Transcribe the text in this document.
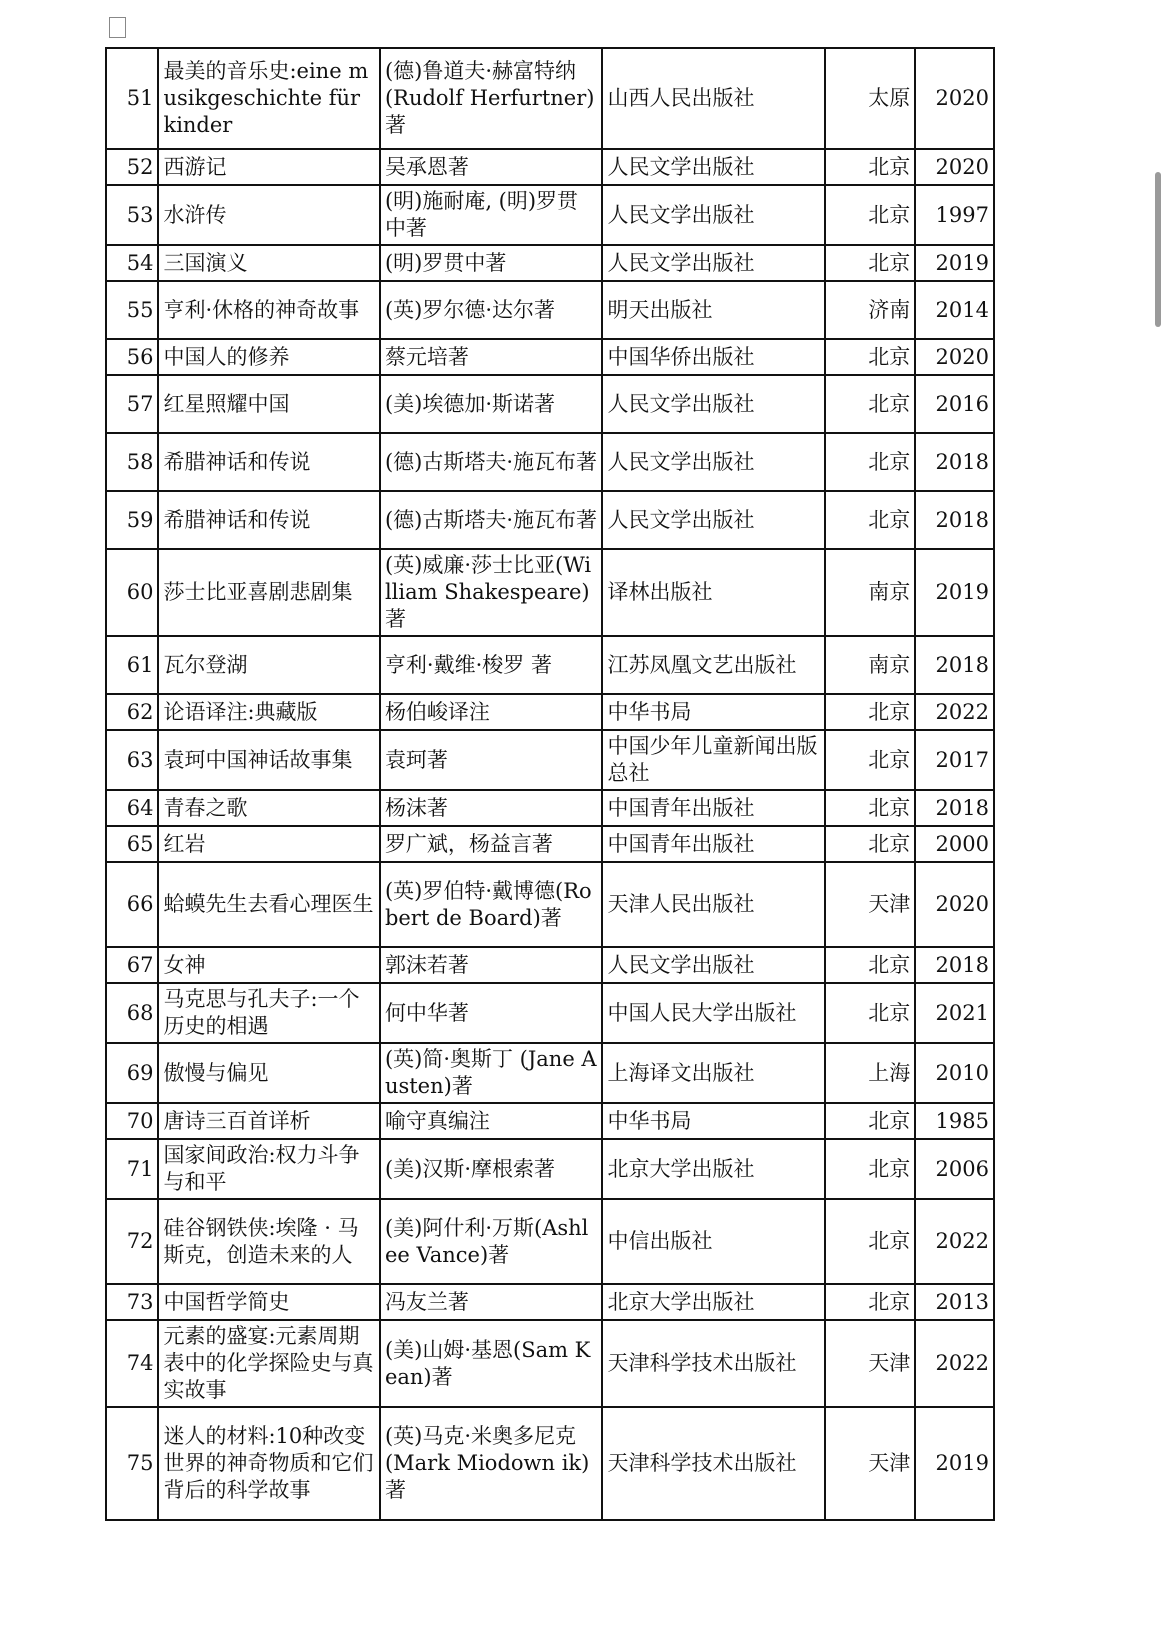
51	最美的音乐史:eine musikgeschichte für kinder	(德)鲁道夫·赫富特纳(Rudolf Herfurtner)著	山西人民出版社	太原	2020
52	西游记	吴承恩著	人民文学出版社	北京	2020
53	水浒传	(明)施耐庵, (明)罗贯中著	人民文学出版社	北京	1997
54	三国演义	(明)罗贯中著	人民文学出版社	北京	2019
55	亨利·休格的神奇故事	(英)罗尔德·达尔著	明天出版社	济南	2014
56	中国人的修养	蔡元培著	中国华侨出版社	北京	2020
57	红星照耀中国	(美)埃德加·斯诺著	人民文学出版社	北京	2016
58	希腊神话和传说	(德)古斯塔夫·施瓦布著	人民文学出版社	北京	2018
59	希腊神话和传说	(德)古斯塔夫·施瓦布著	人民文学出版社	北京	2018
60	莎士比亚喜剧悲剧集	(英)威廉·莎士比亚(William Shakespeare)著	译林出版社	南京	2019
61	瓦尔登湖	亨利·戴维·梭罗 著	江苏凤凰文艺出版社	南京	2018
62	论语译注:典藏版	杨伯峻译注	中华书局	北京	2022
63	袁珂中国神话故事集	袁珂著	中国少年儿童新闻出版总社	北京	2017
64	青春之歌	杨沫著	中国青年出版社	北京	2018
65	红岩	罗广斌，杨益言著	中国青年出版社	北京	2000
66	蛤蟆先生去看心理医生	(英)罗伯特·戴博德(Robert de Board)著	天津人民出版社	天津	2020
67	女神	郭沫若著	人民文学出版社	北京	2018
68	马克思与孔夫子:一个历史的相遇	何中华著	中国人民大学出版社	北京	2021
69	傲慢与偏见	(英)简·奥斯丁 (Jane Austen)著	上海译文出版社	上海	2010
70	唐诗三百首详析	喻守真编注	中华书局	北京	1985
71	国家间政治:权力斗争与和平	(美)汉斯·摩根索著	北京大学出版社	北京	2006
72	硅谷钢铁侠:埃隆 · 马斯克，创造未来的人	(美)阿什利·万斯(Ashlee Vance)著	中信出版社	北京	2022
73	中国哲学简史	冯友兰著	北京大学出版社	北京	2013
74	元素的盛宴:元素周期表中的化学探险史与真实故事	(美)山姆·基恩(Sam Kean)著	天津科学技术出版社	天津	2022
75	迷人的材料:10种改变世界的神奇物质和它们背后的科学故事	(英)马克·米奥多尼克(Mark Miodown ik)著	天津科学技术出版社	天津	2019
